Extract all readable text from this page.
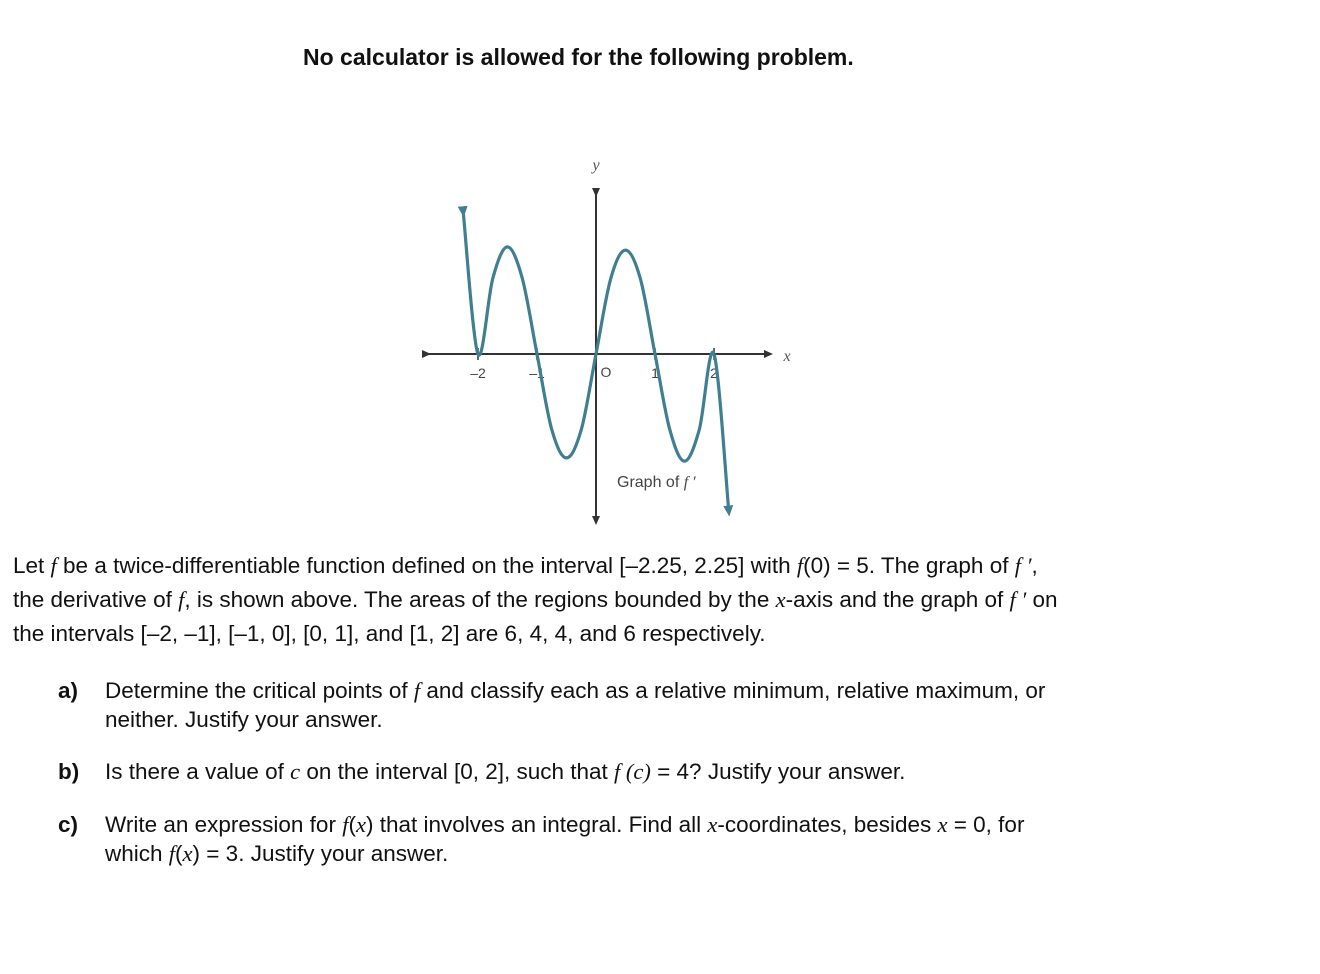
No calculator is allowed for the following problem.
–2	–1	1	2
y
x
O
Graph of f ′
Let f be a twice-differentiable function defined on the interval [–2.25, 2.25] with f(0) = 5. The graph of f ′,
the derivative of f, is shown above. The areas of the regions bounded by the x-axis and the graph of f ′ on
the intervals [–2, –1], [–1, 0], [0, 1], and [1, 2] are 6, 4, 4, and 6 respectively.
a) Determine the critical points of f and classify each as a relative minimum, relative maximum, or
neither. Justify your answer.
b) Is there a value of c on the interval [0, 2], such that f (c) = 4? Justify your answer.
c) Write an expression for f(x) that involves an integral. Find all x-coordinates, besides x = 0, for
which f(x) = 3. Justify your answer.
